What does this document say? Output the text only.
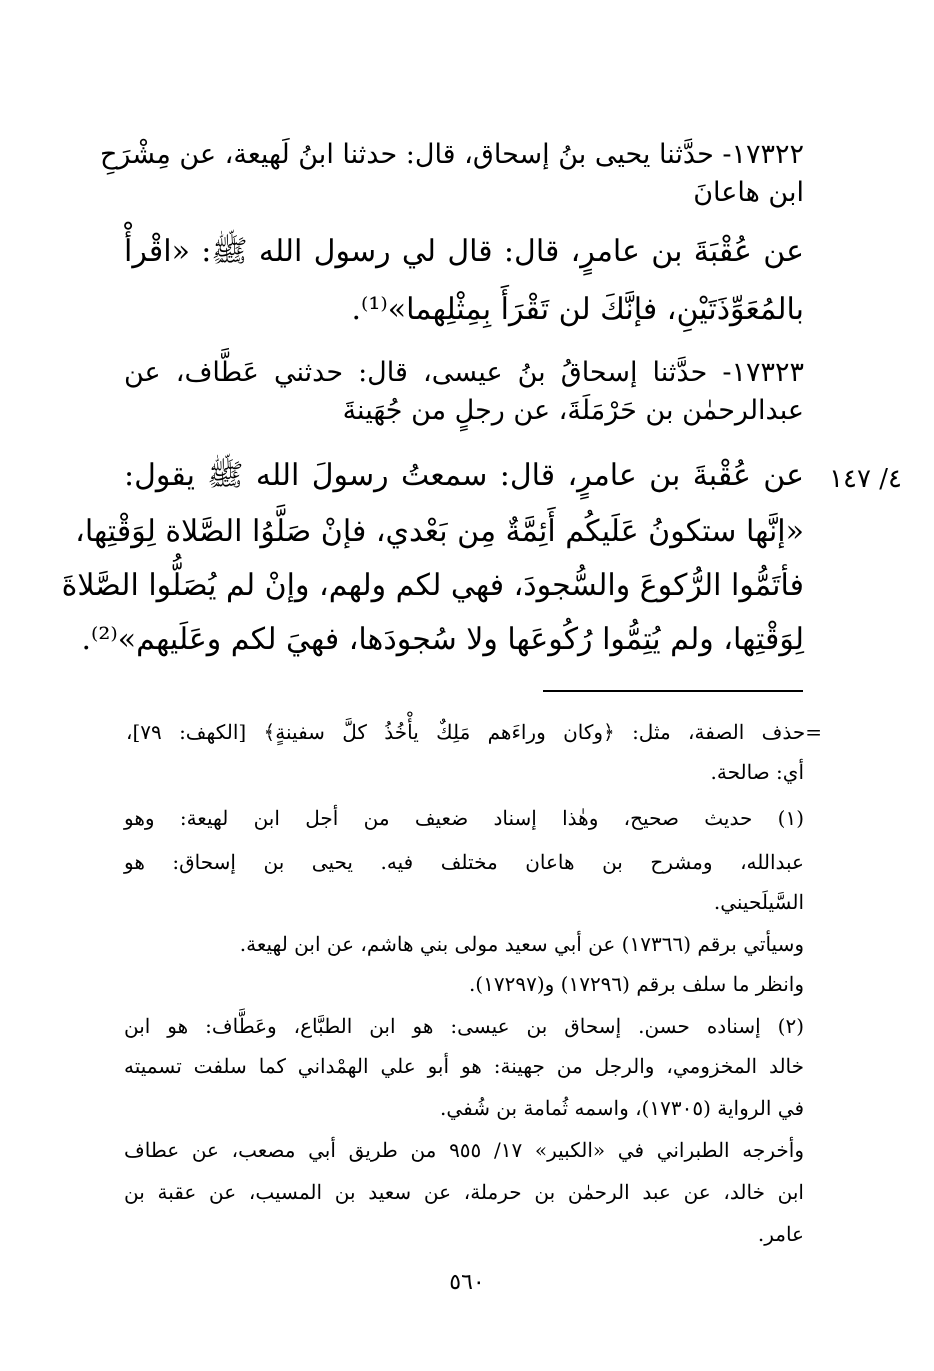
١٧٣٢٢- حدَّثنا يحيى بنُ إسحاق، قال: حدثنا ابنُ لَهيعة، عن مِشْرَحِ
ابن هاعانَ
عن عُقْبَةَ بن عامرٍ، قال: قال لي رسول الله ﷺ: «اقْرأْ
بالمُعَوِّذَتَيْنِ، فإنَّكَ لن تَقْرَأَ بِمِثْلِهما»⁽¹⁾.
١٧٣٢٣- حدَّثنا إسحاقُ بنُ عيسى، قال: حدثني عَطَّاف، عن
عبدالرحمٰن بن حَرْمَلَةَ، عن رجلٍ من جُهَينةَ
٤/ ١٤٧
عن عُقْبةَ بن عامرٍ، قال: سمعتُ رسولَ الله ﷺ يقول:
«إنَّها ستكونُ عَلَيكُم أَئِمَّةٌ مِن بَعْدي، فإنْ صَلَّوُا الصَّلاة لِوَقْتِها،
فأتَمُّوا الرُّكوعَ والسُّجودَ، فهي لكم ولهم، وإنْ لم يُصَلُّوا الصَّلاةَ
لِوَقْتِها، ولم يُتِمُّوا رُكُوعَها ولا سُجودَها، فهيَ لكم وعَلَيهم»⁽²⁾.
=حذف الصفة، مثل: ﴿وكان وراءَهم مَلِكٌ يأْخُذُ كلَّ سفينةٍ﴾ [الكهف: ٧٩]،
أي: صالحة.
(١) حديث صحيح، وهٰذا إسناد ضعيف من أجل ابن لهيعة: وهو
عبدالله، ومشرح بن هاعان مختلف فيه. يحيى بن إسحاق: هو
السَّيلَحيني.
وسيأتي برقم (١٧٣٦٦) عن أبي سعيد مولى بني هاشم، عن ابن لهيعة.
وانظر ما سلف برقم (١٧٢٩٦) و(١٧٢٩٧).
(٢) إسناده حسن. إسحاق بن عيسى: هو ابن الطبَّاع، وعَطَّاف: هو ابن
خالد المخزومي، والرجل من جهينة: هو أبو علي الهمْداني كما سلفت تسميته
في الرواية (١٧٣٠٥)، واسمه ثُمامة بن شُفي.
وأخرجه الطبراني في «الكبير» ١٧/ ٩٥٥ من طريق أبي مصعب، عن عطاف
ابن خالد، عن عبد الرحمٰن بن حرملة، عن سعيد بن المسيب، عن عقبة بن
عامر.
٥٦٠
